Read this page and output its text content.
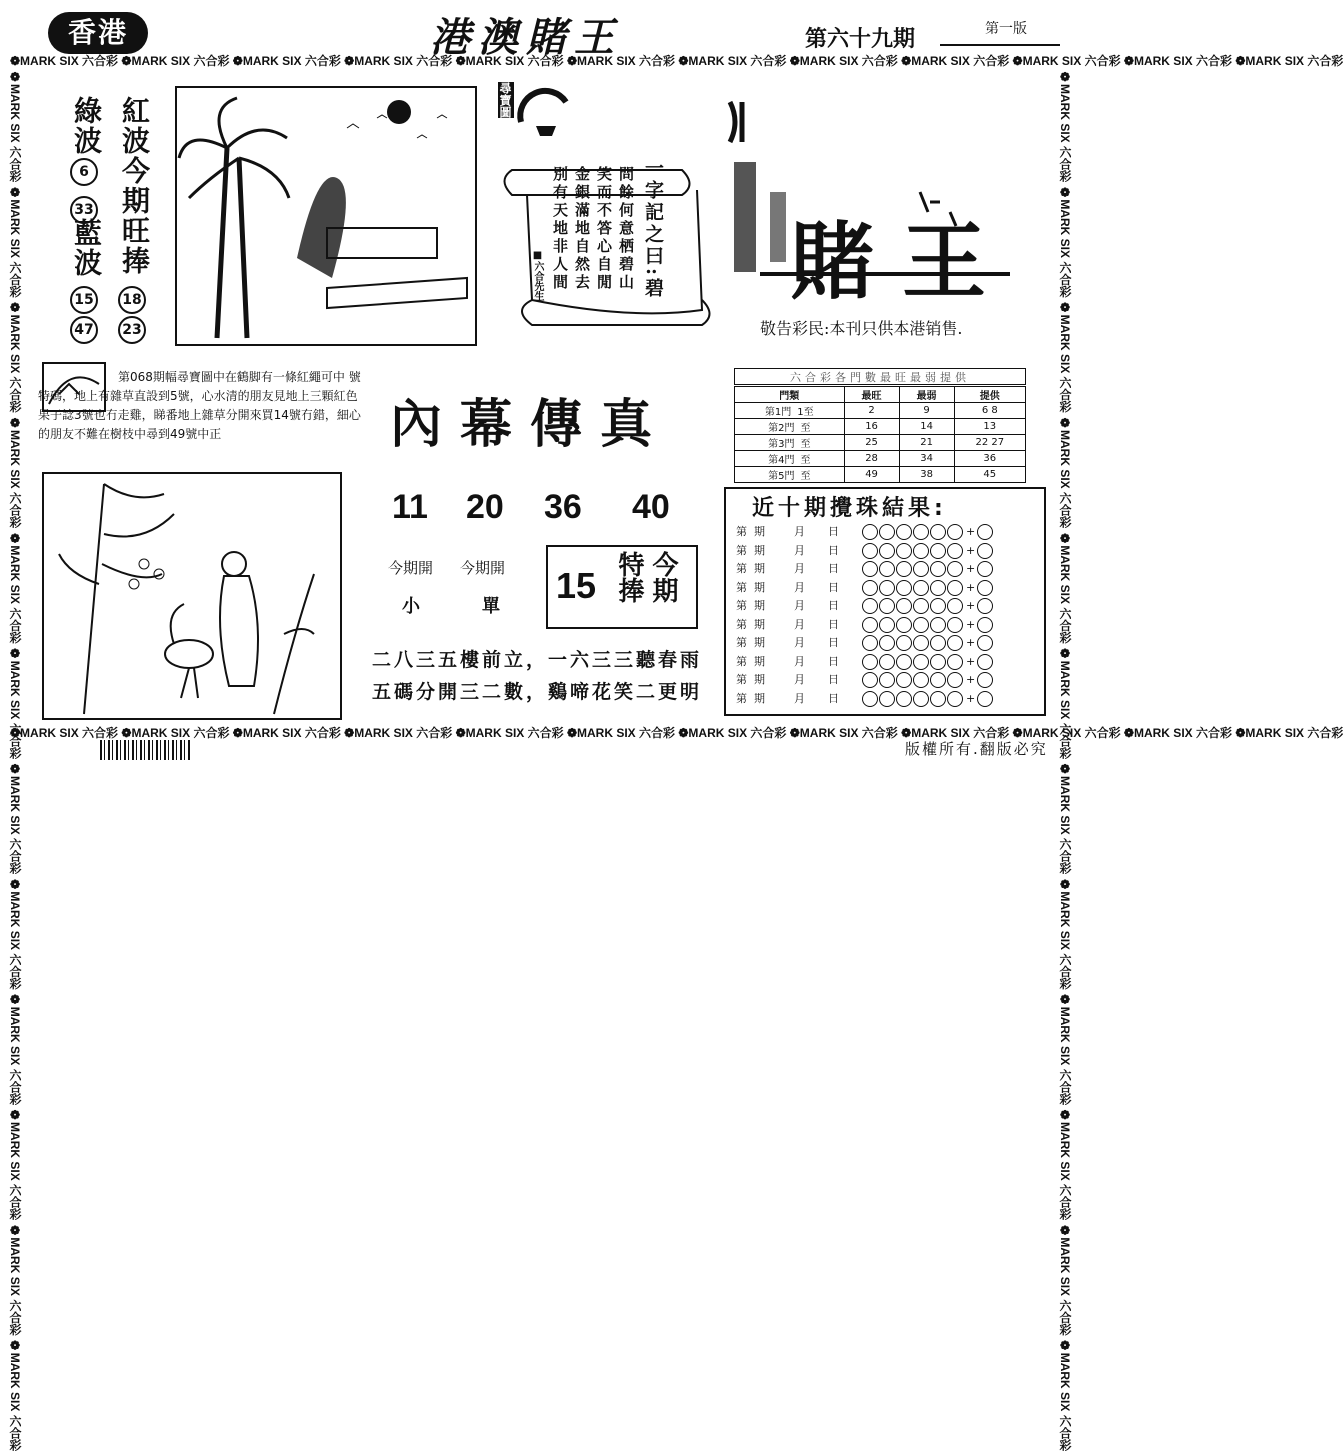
香港	港澳賭王	第六十九期	第一版
❁MARK SIX 六合彩 ❁MARK SIX 六合彩 ❁MARK SIX 六合彩 ❁MARK SIX 六合彩 ❁MARK SIX 六合彩 ❁MARK SIX 六合彩 ❁MARK SIX 六合彩 ❁MARK SIX 六合彩 ❁MARK SIX 六合彩 ❁MARK SIX 六合彩 ❁MARK SIX 六合彩 ❁MARK SIX 六合彩
❁MARK SIX 六合彩 ❁MARK SIX 六合彩 ❁MARK SIX 六合彩 ❁MARK SIX 六合彩 ❁MARK SIX 六合彩 ❁MARK SIX 六合彩 ❁MARK SIX 六合彩 ❁MARK SIX 六合彩 ❁MARK SIX 六合彩 ❁MARK SIX 六合彩 ❁MARK SIX 六合彩 ❁MARK SIX 六合彩
❁MARK SIX 六合彩 ❁MARK SIX 六合彩 ❁MARK SIX 六合彩 ❁MARK SIX 六合彩 ❁MARK SIX 六合彩 ❁MARK SIX 六合彩 ❁MARK SIX 六合彩 ❁MARK SIX 六合彩 ❁MARK SIX 六合彩 ❁MARK SIX 六合彩 ❁MARK SIX 六合彩 ❁MARK SIX 六合彩	❁MARK SIX 六合彩 ❁MARK SIX 六合彩 ❁MARK SIX 六合彩 ❁MARK SIX 六合彩 ❁MARK SIX 六合彩 ❁MARK SIX 六合彩 ❁MARK SIX 六合彩 ❁MARK SIX 六合彩 ❁MARK SIX 六合彩 ❁MARK SIX 六合彩 ❁MARK SIX 六合彩 ❁MARK SIX 六合彩
綠波 紅波今期旺捧
6
33
藍波
15
47
18
23
尋寶圖
一字記之曰:碧
問餘何意栖碧山
笑而不答心自閒
金銀滿地自然去
別有天地非人間
■六合先生	賭王
敬告彩民:本刊只供本港销售.
第068期幅尋寶圖中在鶴脚有一條紅繩可中 號特碼，地上有雜草直設到5號，心水清的朋友見地上三顆紅色果子諗3號也冇走雞，睇番地上雜草分開來買14號冇錯，細心的朋友不難在樹枝中尋到49號中正	內幕傳真
11 20 36 40
今期開 今期開
小	單
15 特捧 今期
二八三五樓前立，一六三三聽春雨
五碼分開三二數，鷄啼花笑二更明
六合彩各門數最旺最弱提供
門類	最旺	最弱	提供
第1門 1至	2	9	6 8
第2門 至	16	14	13
第3門 至	25	21	22 27
第4門 至	28	34	36
第5門 至	49	38	45
近十期攪珠結果:
第 期	月 日	+
第 期	月 日	+
第 期	月 日	+
第 期	月 日	+
第 期	月 日	+
第 期	月 日	+
第 期	月 日	+
第 期	月 日	+
第 期	月 日	+
第 期	月 日	+
版權所有.翻版必究
